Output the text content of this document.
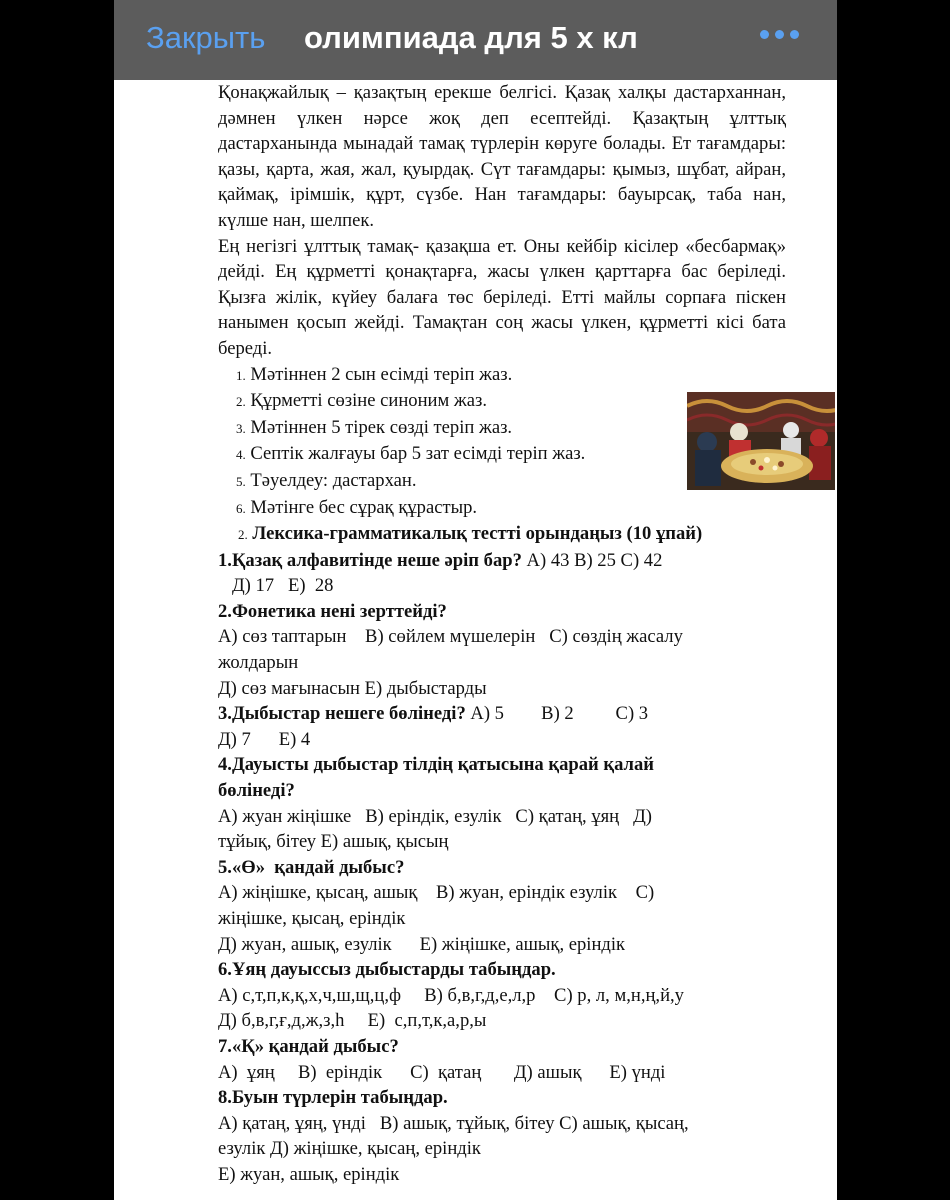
Закрыть олимпиада для 5 х кл
Қонақжайлық – қазақтың ерекше белгісі. Қазақ халқы дастарханнан, дәмнен үлкен нәрсе жоқ деп есептейді. Қазақтың ұлттық дастарханында мынадай тамақ түрлерін көруге болады. Ет тағамдары: қазы, қарта, жая, жал, қуырдақ. Сүт тағамдары: қымыз, шұбат, айран, қаймақ, ірімшік, құрт, сүзбе. Нан тағамдары: бауырсақ, таба нан, күлше нан, шелпек.
Ең негізгі ұлттық тамақ- қазақша ет. Оны кейбір кісілер «бесбармақ» дейді. Ең құрметті қонақтарға, жасы үлкен қарттарға бас беріледі. Қызға жілік, күйеу балаға төс беріледі. Етті майлы сорпаға піскен нанымен қосып жейді. Тамақтан соң жасы үлкен, құрметті кісі бата береді.
1. Мәтіннен 2 сын есімді теріп жаз.
2. Құрметті сөзіне синоним жаз.
3. Мәтіннен 5 тірек сөзді теріп жаз.
4. Септік жалғауы бар 5 зат есімді теріп жаз.
5. Тәуелдеу: дастархан.
6. Мәтінге бес сұрақ құрастыр.
2. Лексика-грамматикалық тестті орындаңыз (10 ұпай)
1.Қазақ алфавитінде неше әріп бар? А) 43 В) 25 С) 42
Д) 17   Е)  28
2.Фонетика нені зерттейді?
А) сөз таптарын    В) сөйлем мүшелерін   С) сөздің жасалу
жолдарын
Д) сөз мағынасын Е) дыбыстарды
3.Дыбыстар нешеге бөлінеді? А) 5        В) 2         С) 3
Д) 7      Е) 4
4.Дауысты дыбыстар тілдің қатысына қарай қалай
бөлінеді?
А) жуан жіңішке   В) еріндік, езулік   С) қатаң, ұяң   Д)
тұйық, бітеу Е) ашық, қысың
5.«Ө»  қандай дыбыс?
А) жіңішке, қысаң, ашық    В) жуан, еріндік езулік    С)
жіңішке, қысаң, еріндік
Д) жуан, ашық, езулік      Е) жіңішке, ашық, еріндік
6.Ұяң дауыссыз дыбыстарды табыңдар.
А) с,т,п,к,қ,х,ч,ш,щ,ц,ф     В) б,в,г,д,е,л,р    С) р, л, м,н,ң,й,у
Д) б,в,г,ғ,д,ж,з,һ     Е)  с,п,т,к,а,р,ы
7.«Қ» қандай дыбыс?
А)  ұяң     В)  еріндік      С)  қатаң       Д) ашық      Е) үнді
8.Буын түрлерін табыңдар.
А) қатаң, ұяң, үнді   В) ашық, тұйық, бітеу С) ашық, қысаң,
езулік Д) жіңішке, қысаң, еріндік
Е) жуан, ашық, еріндік
